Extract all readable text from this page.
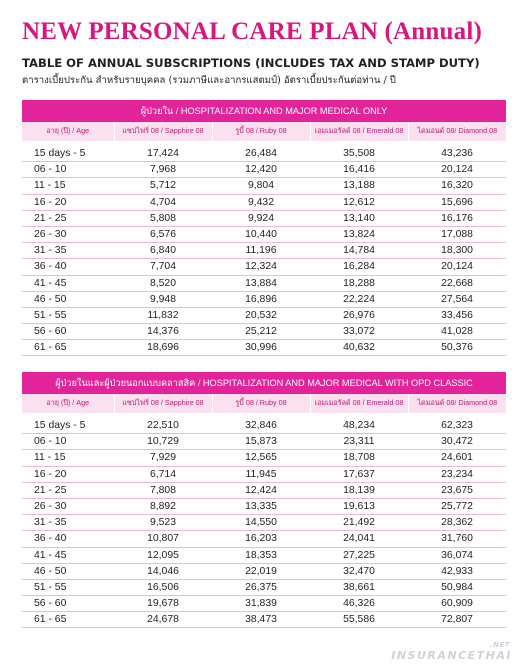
NEW PERSONAL CARE PLAN (Annual)
TABLE OF ANNUAL SUBSCRIPTIONS (INCLUDES TAX AND STAMP DUTY)
ตารางเบี้ยประกัน สำหรับรายบุคคล (รวมภาษีและอากรแสตมป์) อัตราเบี้ยประกันต่อท่าน / ปี
ผู้ป่วยใน / HOSPITALIZATION AND MAJOR MEDICAL ONLY				
อายุ (ปี) / Age	แซปไฟร์ 08 / Sapphire 08	รูบี้ 08 / Ruby 08	เอมเมอรัลด์ 08 / Emerald 08	ไดมอนด์ 08/ Diamond 08

15 days - 5	17,424	26,484	35,508	43,236
06 - 10	7,968	12,420	16,416	20,124
11 - 15	5,712	9,804	13,188	16,320
16 - 20	4,704	9,432	12,612	15,696
21 - 25	5,808	9,924	13,140	16,176
26 - 30	6,576	10,440	13,824	17,088
31 - 35	6,840	11,196	14,784	18,300
36 - 40	7,704	12,324	16,284	20,124
41 - 45	8,520	13,884	18,288	22,668
46 - 50	9,948	16,896	22,224	27,564
51 - 55	11,832	20,532	26,976	33,456
56 - 60	14,376	25,212	33,072	41,028
61 - 65	18,696	30,996	40,632	50,376
ผู้ป่วยในและผู้ป่วยนอกแบบคลาสสิค / HOSPITALIZATION AND MAJOR MEDICAL WITH OPD CLASSIC				
อายุ (ปี) / Age	แซปไฟร์ 08 / Sapphire 08	รูบี้ 08 / Ruby 08	เอมเมอรัลด์ 08 / Emerald 08	ไดมอนด์ 08/ Diamond 08

15 days - 5	22,510	32,846	48,234	62,323
06 - 10	10,729	15,873	23,311	30,472
11 - 15	7,929	12,565	18,708	24,601
16 - 20	6,714	11,945	17,637	23,234
21 - 25	7,808	12,424	18,139	23,675
26 - 30	8,892	13,335	19,613	25,772
31 - 35	9,523	14,550	21,492	28,362
36 - 40	10,807	16,203	24,041	31,760
41 - 45	12,095	18,353	27,225	36,074
46 - 50	14,046	22,019	32,470	42,933
51 - 55	16,506	26,375	38,661	50,984
56 - 60	19,678	31,839	46,326	60,909
61 - 65	24,678	38,473	55,586	72,807
.NET
INSURANCETHAI
